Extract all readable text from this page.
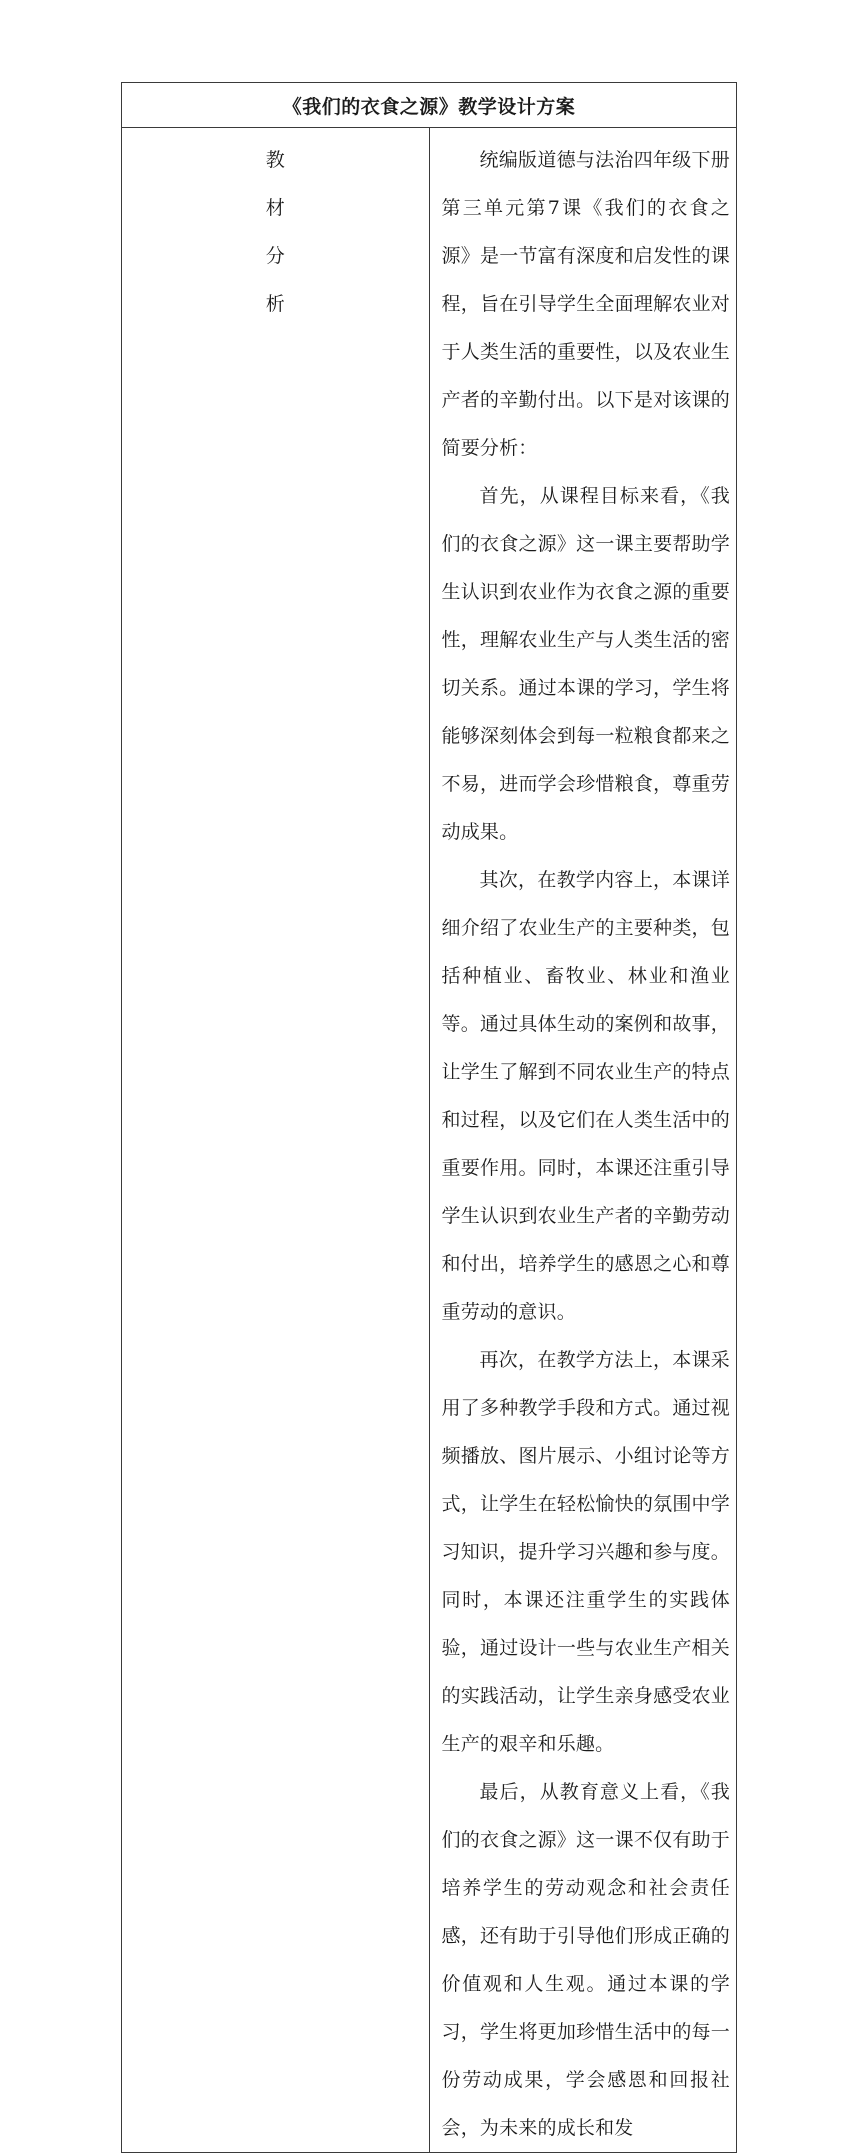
《我们的衣食之源》教学设计方案

教
材
分
析

统编版道德与法治四年级下册第三单元第7课《我们的衣食之源》是一节富有深度和启发性的课程，旨在引导学生全面理解农业对于人类生活的重要性，以及农业生产者的辛勤付出。以下是对该课的简要分析：

首先，从课程目标来看，《我们的衣食之源》这一课主要帮助学生认识到农业作为衣食之源的重要性，理解农业生产与人类生活的密切关系。通过本课的学习，学生将能够深刻体会到每一粒粮食都来之不易，进而学会珍惜粮食，尊重劳动成果。

其次，在教学内容上，本课详细介绍了农业生产的主要种类，包括种植业、畜牧业、林业和渔业等。通过具体生动的案例和故事，让学生了解到不同农业生产的特点和过程，以及它们在人类生活中的重要作用。同时，本课还注重引导学生认识到农业生产者的辛勤劳动和付出，培养学生的感恩之心和尊重劳动的意识。

再次，在教学方法上，本课采用了多种教学手段和方式。通过视频播放、图片展示、小组讨论等方式，让学生在轻松愉快的氛围中学习知识，提升学习兴趣和参与度。同时，本课还注重学生的实践体验，通过设计一些与农业生产相关的实践活动，让学生亲身感受农业生产的艰辛和乐趣。

最后，从教育意义上看，《我们的衣食之源》这一课不仅有助于培养学生的劳动观念和社会责任感，还有助于引导他们形成正确的价值观和人生观。通过本课的学习，学生将更加珍惜生活中的每一份劳动成果，学会感恩和回报社会，为未来的成长和发
